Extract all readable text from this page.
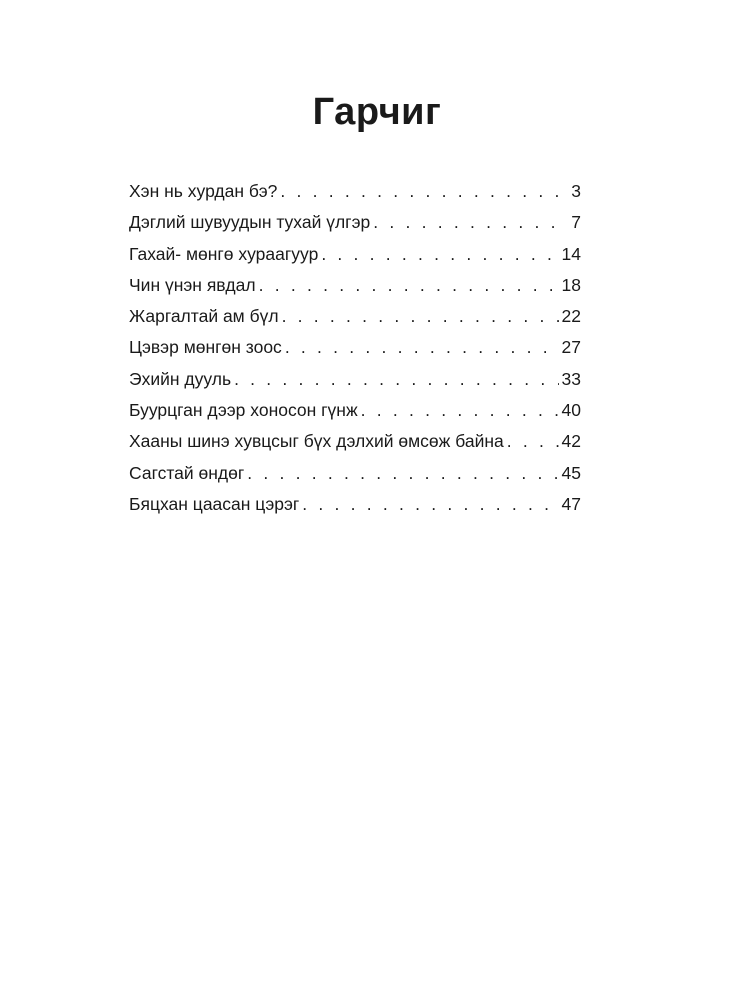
Гарчиг
Хэн нь хурдан бэ? . . .	3
Дэглий шувуудын тухай үлгэр . . .	7
Гахай- мөнгө хураагуур . . .	14
Чин үнэн явдал . . .	18
Жаргалтай ам бүл . . .	22
Цэвэр мөнгөн зоос . . .	27
Эхийн дууль . . .	33
Буурцган дээр хоносон гүнж . . .	40
Хааны шинэ хувцсыг бүх дэлхий өмсөж байна . . .	42
Сагстай өндөг . . .	45
Бяцхан цаасан цэрэг . . .	47
